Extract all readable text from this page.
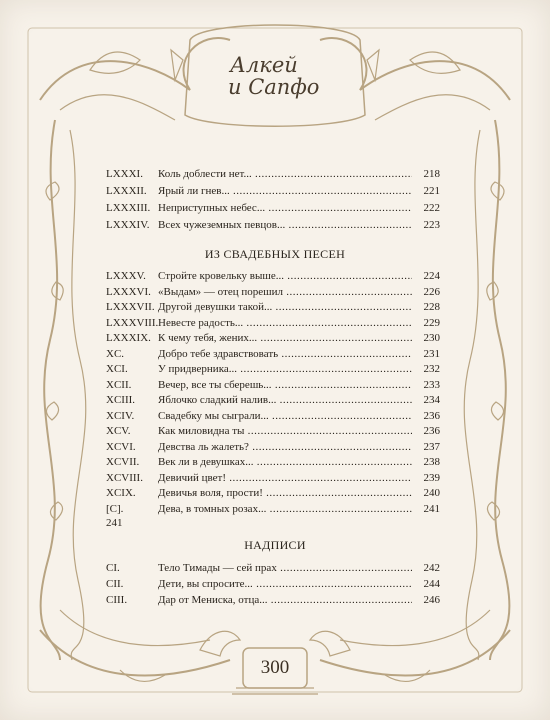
Алкей
и Сапфо
LXXXI. Коль доблести нет... .....	218
LXXXII. Ярый ли гнев... .....	221
LXXXIII. Неприступных небес... .....	222
LXXXIV. Всех чужеземных певцов... .....	223
ИЗ СВАДЕБНЫХ ПЕСЕН
LXXXV. Стройте кровельку выше... .....	224
LXXXVI. «Выдам» — отец порешил .....	226
LXXXVII. Другой девушки такой... .....	228
LXXXVIII. Невесте радость... .....	229
LXXXIX. К чему тебя, жених... .....	230
XC.	Добро тебе здравствовать .....	231
XCI.	У придверника... .....	232
XCII. Вечер, все ты сберешь... .....	233
XCIII. Яблочко сладкий налив... .....	234
XCIV. Свадебку мы сыграли... .....	236
XCV. Как миловидна ты .....	236
XCVI. Девства ль жалеть? .....	237
XCVII. Век ли в девушках... .....	238
XCVIII. Девичий цвет! .....	239
XCIX. Девичья воля, прости! .....	240
[C].	Дева, в томных розах... .....	241
241
НАДПИСИ
CI.	Тело Тимады — сей прах .....	242
CII.	Дети, вы спросите... .....	244
CIII.	Дар от Мениска, отца... .....	246
300
